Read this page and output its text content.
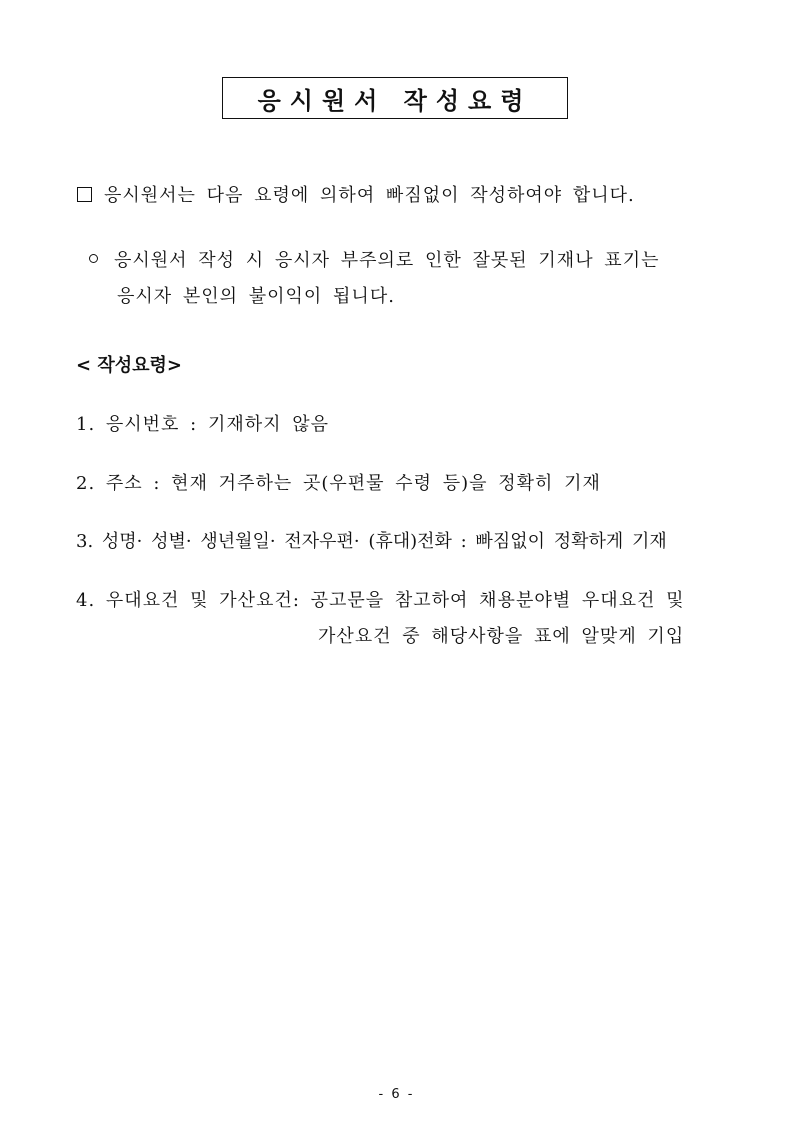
응시원서 작성요령
응시원서는 다음 요령에 의하여 빠짐없이 작성하여야 합니다.
응시원서 작성 시 응시자 부주의로 인한 잘못된 기재나 표기는
응시자 본인의 불이익이 됩니다.
< 작성요령>
1. 응시번호 : 기재하지 않음
2. 주소 : 현재 거주하는 곳(우편물 수령 등)을 정확히 기재
3. 성명· 성별· 생년월일· 전자우편· (휴대)전화 : 빠짐없이 정확하게 기재
4. 우대요건 및 가산요건: 공고문을 참고하여 채용분야별 우대요건 및
가산요건 중 해당사항을 표에 알맞게 기입
- 6 -
